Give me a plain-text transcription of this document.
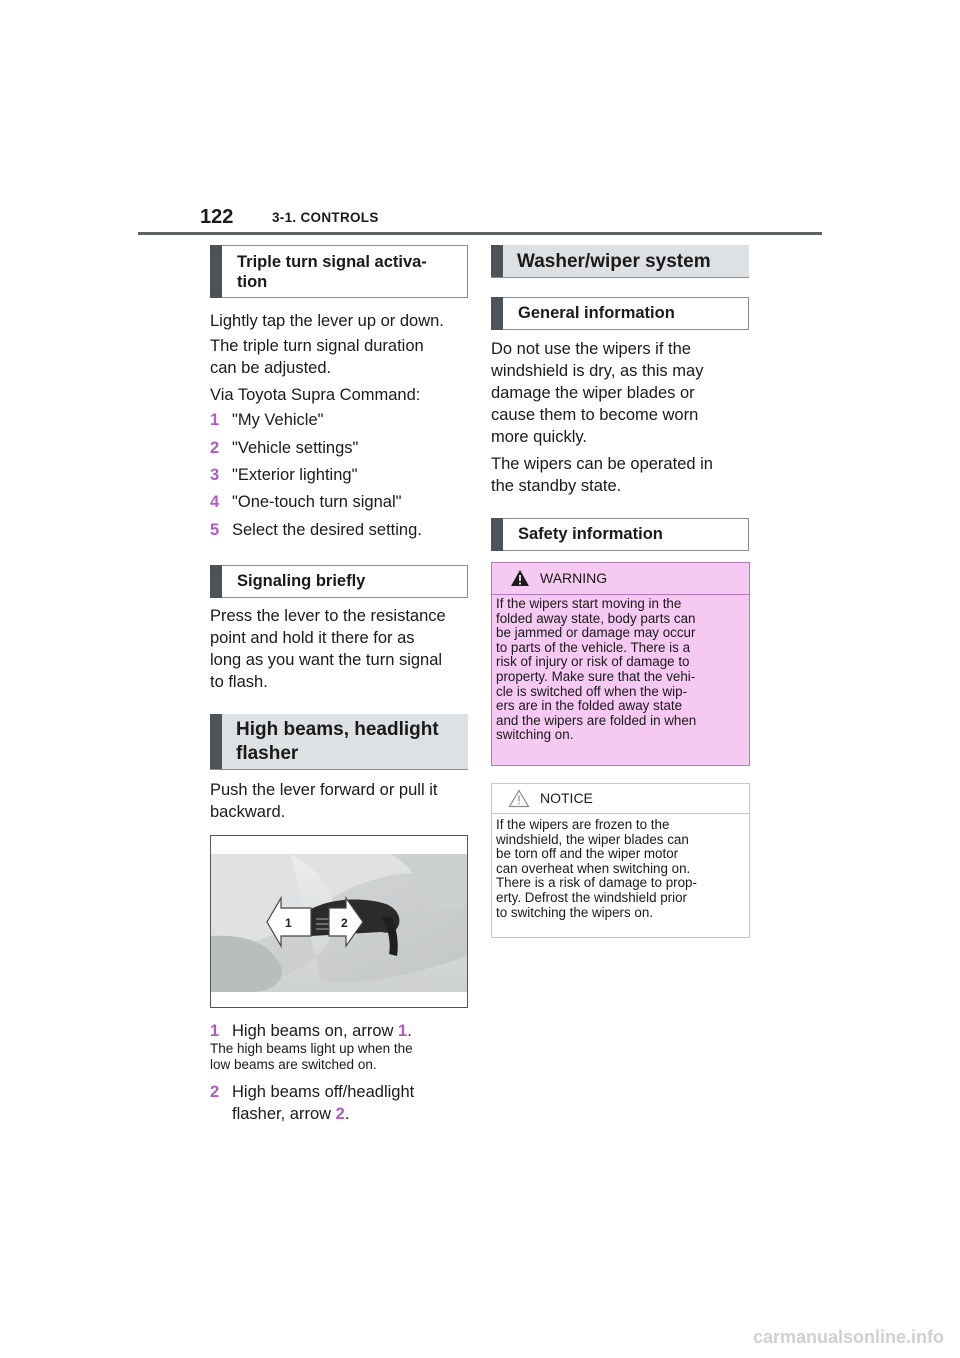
122	3-1. CONTROLS
Triple turn signal activa-
tion
Lightly tap the lever up or down.
The triple turn signal duration
can be adjusted.
Via Toyota Supra Command:
1 "My Vehicle"
2 "Vehicle settings"
3 "Exterior lighting"
4 "One-touch turn signal"
5 Select the desired setting.
Signaling briefly
Press the lever to the resistance
point and hold it there for as
long as you want the turn signal
to flash.
High beams, headlight
flasher
Push the lever forward or pull it
backward.
1	2
1 High beams on, arrow 1.
The high beams light up when the
low beams are switched on.
2 High beams off/headlight
flasher, arrow 2.
Washer/wiper system
General information
Do not use the wipers if the
windshield is dry, as this may
damage the wiper blades or
cause them to become worn
more quickly.
The wipers can be operated in
the standby state.
Safety information
WARNING
If the wipers start moving in the
folded away state, body parts can
be jammed or damage may occur
to parts of the vehicle. There is a
risk of injury or risk of damage to
property. Make sure that the vehi-
cle is switched off when the wip-
ers are in the folded away state
and the wipers are folded in when
switching on.
NOTICE
If the wipers are frozen to the
windshield, the wiper blades can
be torn off and the wiper motor
can overheat when switching on.
There is a risk of damage to prop-
erty. Defrost the windshield prior
to switching the wipers on.
carmanualsonline.info
